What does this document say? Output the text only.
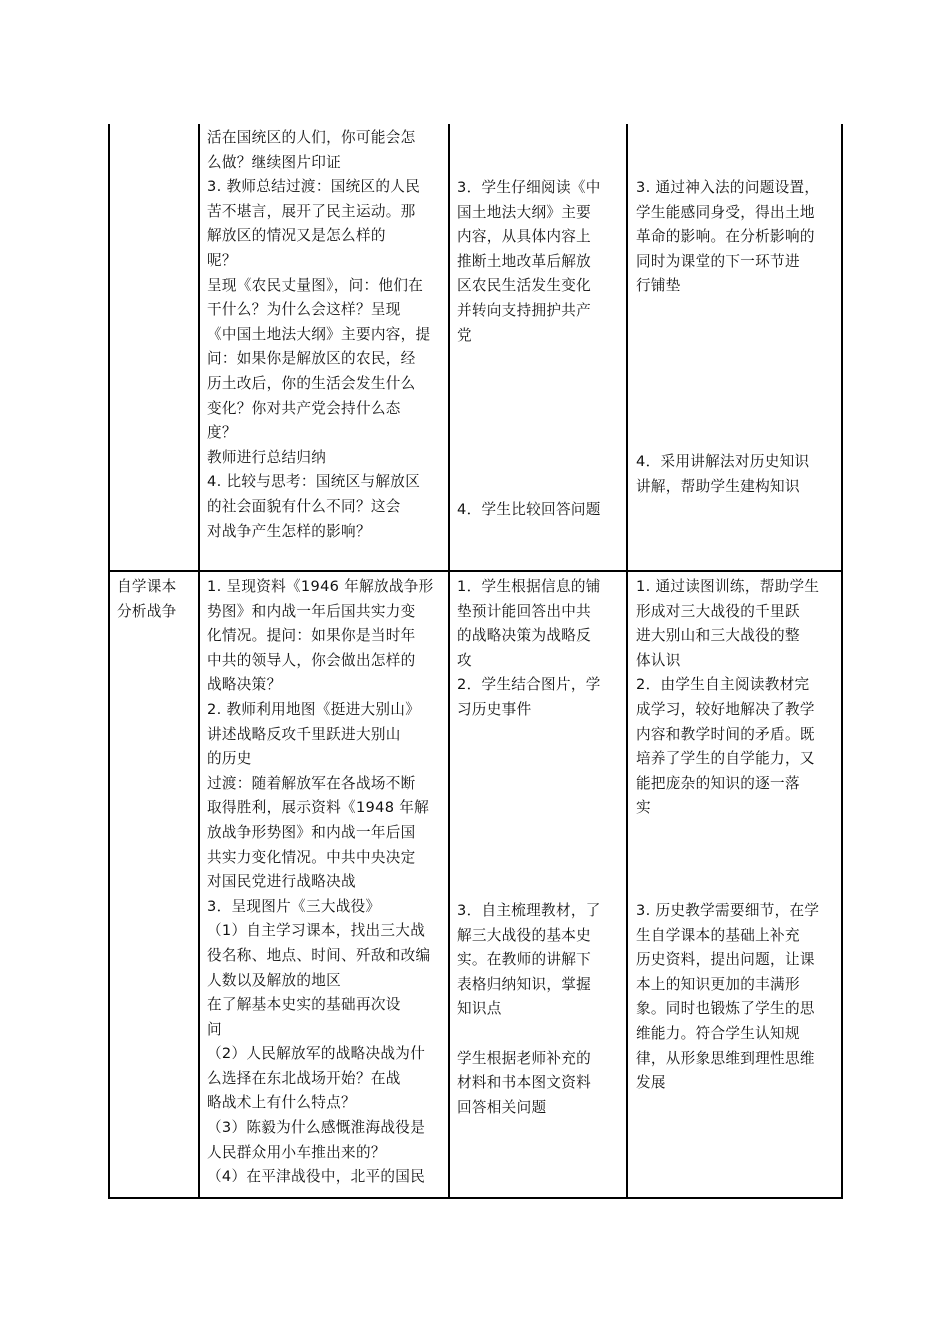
活在国统区的人们，你可能会怎
么做？继续图片印证
3. 教师总结过渡：国统区的人民
苦不堪言，展开了民主运动。那
解放区的情况又是怎么样的
呢？
呈现《农民丈量图》，问：他们在
干什么？为什么会这样？呈现
《中国土地法大纲》主要内容，提
问：如果你是解放区的农民，经
历土改后，你的生活会发生什么
变化？你对共产党会持什么态
度？
教师进行总结归纳
4. 比较与思考：国统区与解放区
的社会面貌有什么不同？这会
对战争产生怎样的影响？
3．学生仔细阅读《中
国土地法大纲》主要
内容，从具体内容上
推断土地改革后解放
区农民生活发生变化
并转向支持拥护共产
党
4．学生比较回答问题
3. 通过神入法的问题设置，
学生能感同身受，得出土地
革命的影响。在分析影响的
同时为课堂的下一环节进
行铺垫
4．采用讲解法对历史知识
讲解，帮助学生建构知识
自学课本
分析战争
1. 呈现资料《1946 年解放战争形
势图》和内战一年后国共实力变
化情况。提问：如果你是当时年
中共的领导人，你会做出怎样的
战略决策？
2. 教师利用地图《挺进大别山》
讲述战略反攻千里跃进大别山
的历史
过渡：随着解放军在各战场不断
取得胜利，展示资料《1948 年解
放战争形势图》和内战一年后国
共实力变化情况。中共中央决定
对国民党进行战略决战
3．呈现图片《三大战役》
（1）自主学习课本，找出三大战
役名称、地点、时间、歼敌和改编
人数以及解放的地区
在了解基本史实的基础再次设
问
（2）人民解放军的战略决战为什
么选择在东北战场开始？在战
略战术上有什么特点？
（3）陈毅为什么感慨淮海战役是
人民群众用小车推出来的？
（4）在平津战役中，北平的国民
1．学生根据信息的铺
垫预计能回答出中共
的战略决策为战略反
攻
2．学生结合图片，学
习历史事件
3．自主梳理教材，了
解三大战役的基本史
实。在教师的讲解下
表格归纳知识，掌握
知识点
学生根据老师补充的
材料和书本图文资料
回答相关问题
1. 通过读图训练，帮助学生
形成对三大战役的千里跃
进大别山和三大战役的整
体认识
2．由学生自主阅读教材完
成学习，较好地解决了教学
内容和教学时间的矛盾。既
培养了学生的自学能力，又
能把庞杂的知识的逐一落
实
3. 历史教学需要细节，在学
生自学课本的基础上补充
历史资料，提出问题，让课
本上的知识更加的丰满形
象。同时也锻炼了学生的思
维能力。符合学生认知规
律，从形象思维到理性思维
发展
